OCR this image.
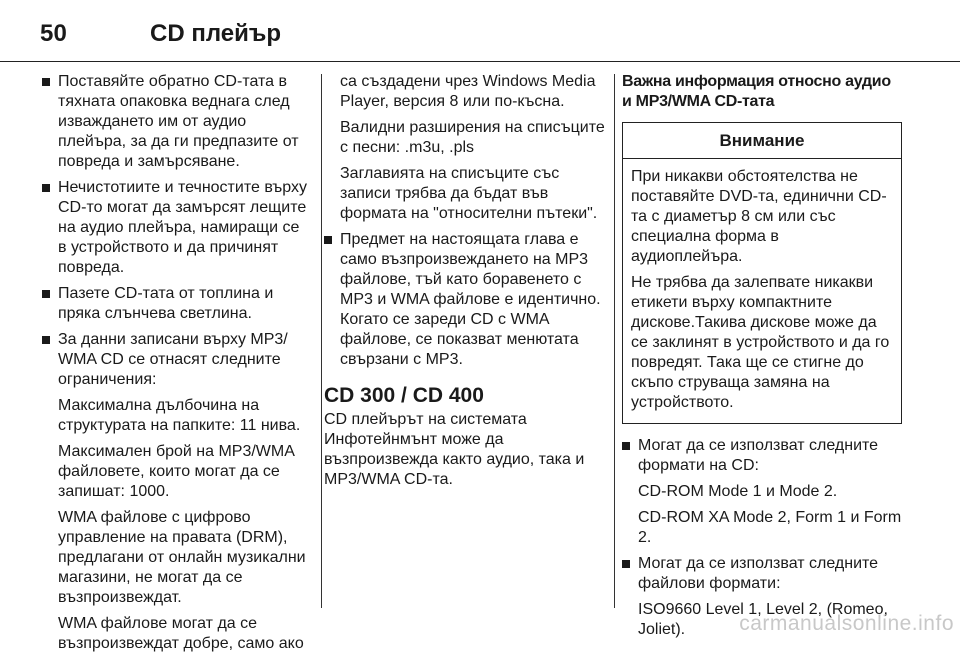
50	CD плейър
Поставяйте обратно CD-тата в тяхната опаковка веднага след изваждането им от аудио плейъра, за да ги предпазите от повреда и замърсяване.
Нечистотиите и течностите върху CD-то могат да замърсят лещите на аудио плейъра, намиращи се в устройството и да причинят повреда.
Пазете CD-тата от топлина и пряка слънчева светлина.
За данни записани върху MP3/ WMA CD се отнасят следните ограничения:
Максимална дълбочина на структурата на папките: 11 нива.
Максимален брой на MP3/WMA файловете, които могат да се запишат: 1000.
WMA файлове с цифрово управление на правата (DRM), предлагани от онлайн музикални магазини, не могат да се възпроизвеждат.
WMA файлове могат да се възпроизвеждат добре, само ако
са създадени чрез Windows Media Player, версия 8 или по-късна.
Валидни разширения на списъците с песни: .m3u, .pls
Заглавията на списъците със записи трябва да бъдат във формата на "относителни пътеки".
Предмет на настоящата глава е само възпроизвеждането на MP3 файлове, тъй като боравенето с MP3 и WMA файлове е идентично. Когато се зареди CD с WMA файлове, се показват менютата свързани с MP3.
CD 300 / CD 400
CD плейърът на системата Инфотейнмънт може да възпроизвежда както аудио, така и MP3/WMA CD-та.
Важна информация относно аудио и MP3/WMA CD-тата
Внимание
При никакви обстоятелства не поставяйте DVD-та, единични CD-та с диаметър 8 см или със специална форма в аудиоплейъра.
Не трябва да залепвате никакви етикети върху компактните дискове.Такива дискове може да се заклинят в устройството и да го повредят. Така ще се стигне до скъпо струваща замяна на устройството.
Могат да се използват следните формати на CD:
CD-ROM Mode 1 и Mode 2.
CD-ROM XA Mode 2, Form 1 и Form 2.
Могат да се използват следните файлови формати:
ISO9660 Level 1, Level 2, (Romeo, Joliet).	carmanualsonline.info
